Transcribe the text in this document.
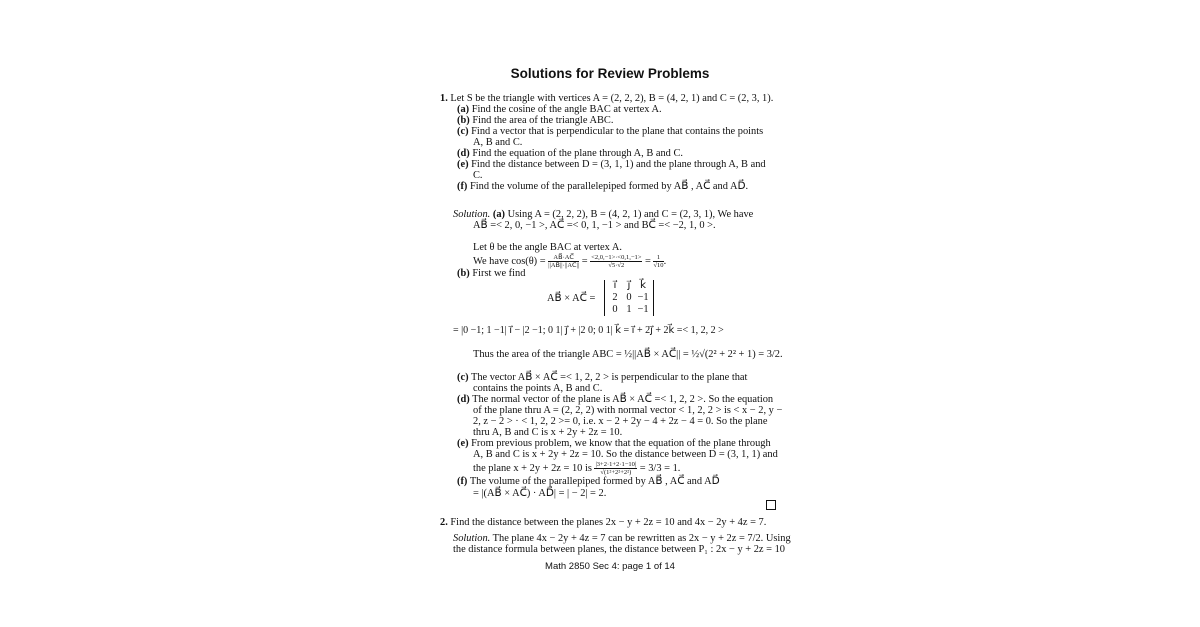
Solutions for Review Problems
1. Let S be the triangle with vertices A = (2, 2, 2), B = (4, 2, 1) and C = (2, 3, 1).
(a) Find the cosine of the angle BAC at vertex A.
(b) Find the area of the triangle ABC.
(c) Find a vector that is perpendicular to the plane that contains the points
A, B and C.
(d) Find the equation of the plane through A, B and C.
(e) Find the distance between D = (3, 1, 1) and the plane through A, B and
C.
(f) Find the volume of the parallelepiped formed by AB⃗ , AC⃗ and AD⃗.
Solution. (a) Using A = (2, 2, 2), B = (4, 2, 1) and C = (2, 3, 1), We have
AB⃗ =< 2, 0, −1 >, AC⃗ =< 0, 1, −1 > and BC⃗ =< −2, 1, 0 >.
Let θ be the angle BAC at vertex A.
We have $\cos(\theta) = \frac{AB⃗\cdot AC⃗}{||AB⃗||\cdot||AC⃗||} = \frac{<2,0,-1>\cdot<0,1,-1>}{√5\cdot√2} = \frac{1}{√10}$ .
(b) First we find
AB⃗ × AC⃗ =
i⃗ j⃗ k⃗
2 0 −1
0 1 −1
= |0 −1; 1 −1| i⃗ − |2 −1; 0 1| j⃗ + |2 0; 0 1| k⃗ = i⃗ + 2j⃗ + 2k⃗ =< 1, 2, 2 >
Thus the area of the triangle ABC = ½||AB⃗ × AC⃗|| = ½√(2² + 2² + 1) = 3/2.
(c) The vector AB⃗ × AC⃗ =< 1, 2, 2 > is perpendicular to the plane that
contains the points A, B and C.
(d) The normal vector of the plane is AB⃗ × AC⃗ =< 1, 2, 2 >. So the equation
of the plane thru A = (2, 2, 2) with normal vector < 1, 2, 2 > is < x − 2, y −
2, z − 2 > · < 1, 2, 2 >= 0, i.e. x − 2 + 2y − 4 + 2z − 4 = 0. So the plane
thru A, B and C is x + 2y + 2z = 10.
(e) From previous problem, we know that the equation of the plane through
A, B and C is x + 2y + 2z = 10. So the distance between D = (3, 1, 1) and
the plane x + 2y + 2z = 10 is $\frac{|3+2\cdot 1+2\cdot 1-10|}{\text{√(1²+2²+2²)}} = 3/3 = 1$.
(f) The volume of the parallepiped formed by AB⃗ , AC⃗ and AD⃗
= |(AB⃗ × AC⃗) · AD⃗| = | − 2| = 2.
2. Find the distance between the planes 2x − y + 2z = 10 and 4x − 2y + 4z = 7.
Solution. The plane 4x − 2y + 4z = 7 can be rewritten as 2x − y + 2z = 7/2. Using
the distance formula between planes, the distance between P₁ : 2x − y + 2z = 10
Math 2850 Sec 4: page 1 of 14
